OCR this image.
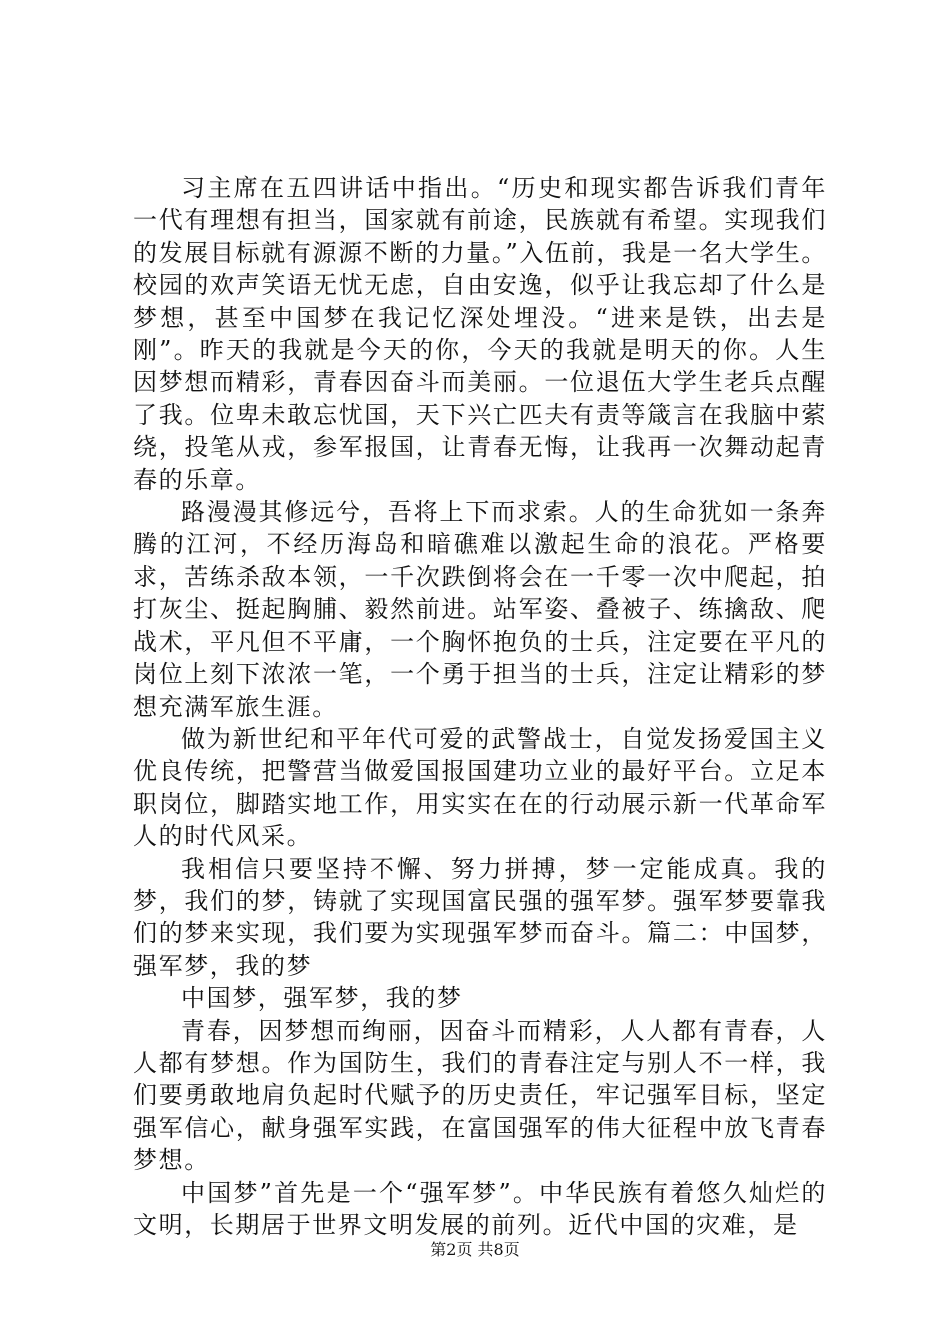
习主席在五四讲话中指出。“历史和现实都告诉我们青年一代有理想有担当，国家就有前途，民族就有希望。实现我们的发展目标就有源源不断的力量。”入伍前，我是一名大学生。校园的欢声笑语无忧无虑，自由安逸，似乎让我忘却了什么是梦想，甚至中国梦在我记忆深处埋没。“进来是铁，出去是刚”。昨天的我就是今天的你，今天的我就是明天的你。人生因梦想而精彩，青春因奋斗而美丽。一位退伍大学生老兵点醒了我。位卑未敢忘忧国，天下兴亡匹夫有责等箴言在我脑中萦绕，投笔从戎，参军报国，让青春无悔，让我再一次舞动起青春的乐章。

路漫漫其修远兮，吾将上下而求索。人的生命犹如一条奔腾的江河，不经历海岛和暗礁难以激起生命的浪花。严格要求，苦练杀敌本领，一千次跌倒将会在一千零一次中爬起，拍打灰尘、挺起胸脯、毅然前进。站军姿、叠被子、练擒敌、爬战术，平凡但不平庸，一个胸怀抱负的士兵，注定要在平凡的岗位上刻下浓浓一笔，一个勇于担当的士兵，注定让精彩的梦想充满军旅生涯。

做为新世纪和平年代可爱的武警战士，自觉发扬爱国主义优良传统，把警营当做爱国报国建功立业的最好平台。立足本职岗位，脚踏实地工作，用实实在在的行动展示新一代革命军人的时代风采。

我相信只要坚持不懈、努力拼搏，梦一定能成真。我的梦，我们的梦，铸就了实现国富民强的强军梦。强军梦要靠我们的梦来实现，我们要为实现强军梦而奋斗。篇二：中国梦，强军梦，我的梦

中国梦，强军梦，我的梦

青春，因梦想而绚丽，因奋斗而精彩，人人都有青春，人人都有梦想。作为国防生，我们的青春注定与别人不一样，我们要勇敢地肩负起时代赋予的历史责任，牢记强军目标，坚定强军信心，献身强军实践，在富国强军的伟大征程中放飞青春梦想。

中国梦”首先是一个“强军梦”。中华民族有着悠久灿烂的文明，长期居于世界文明发展的前列。近代中国的灾难，是

第2页 共8页
